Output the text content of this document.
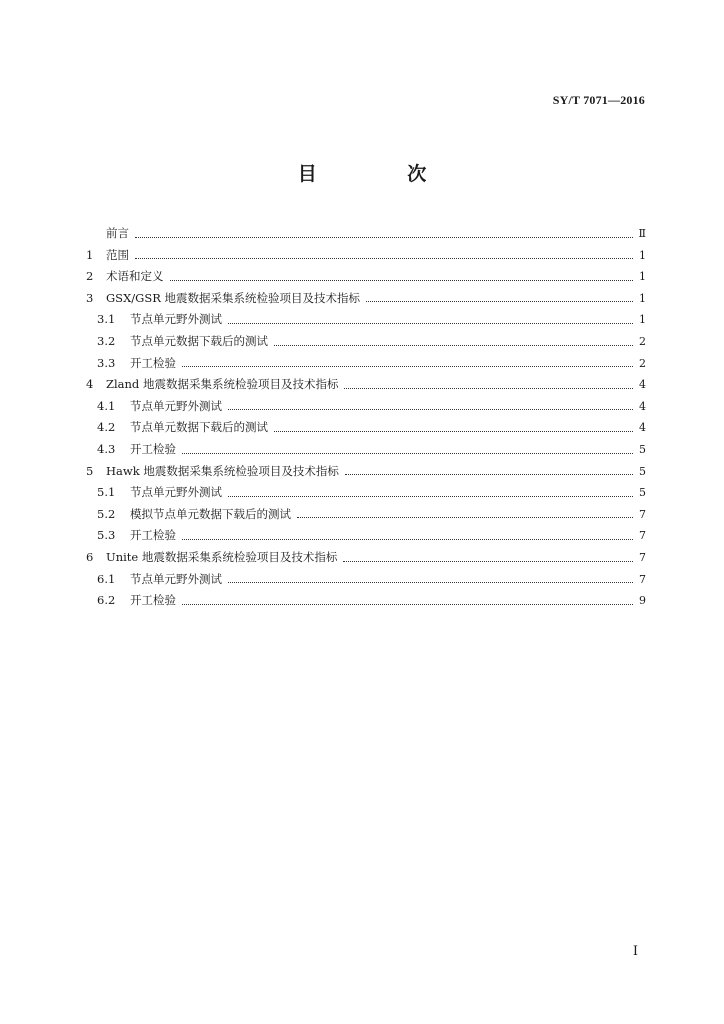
SY/T 7071—2016
目 次
前言	Ⅱ
1	范围	1
2	术语和定义	1
3	GSX/GSR 地震数据采集系统检验项目及技术指标	1
3.1	节点单元野外测试	1
3.2	节点单元数据下载后的测试	2
3.3	开工检验	2
4	Zland 地震数据采集系统检验项目及技术指标	4
4.1	节点单元野外测试	4
4.2	节点单元数据下载后的测试	4
4.3	开工检验	5
5	Hawk 地震数据采集系统检验项目及技术指标	5
5.1	节点单元野外测试	5
5.2	模拟节点单元数据下载后的测试	7
5.3	开工检验	7
6	Unite 地震数据采集系统检验项目及技术指标	7
6.1	节点单元野外测试	7
6.2	开工检验	9
I
